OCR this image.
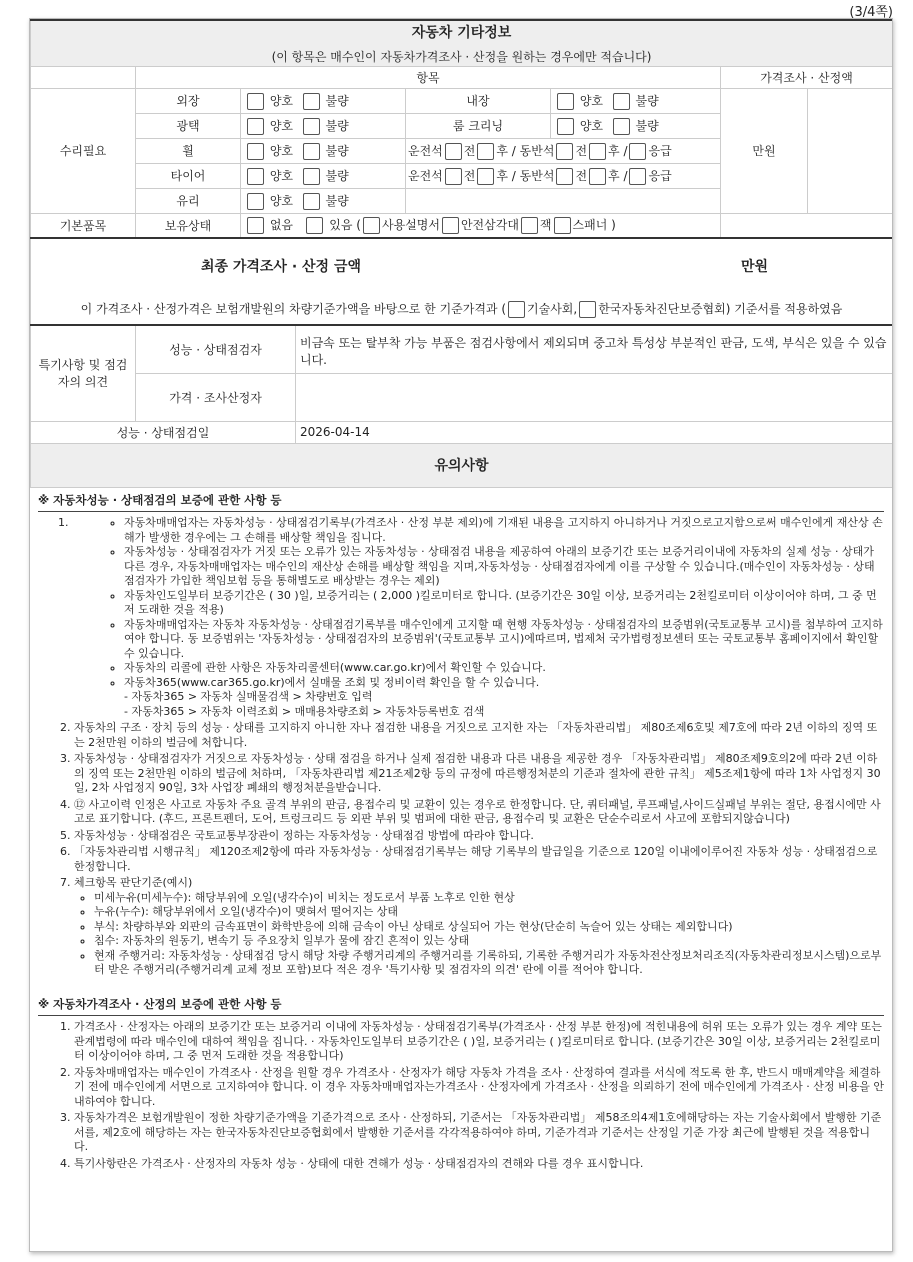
(3/4쪽)
자동차 기타정보
(이 항목은 매수인이 자동차가격조사 · 산정을 원하는 경우에만 적습니다)							

	항목					가격조사 · 산정액	
수리필요	외장	양호 불량		내장	양호 불량	만원	
	광택	양호 불량		룸 크리닝	양호 불량		
	휠	양호 불량		운전석 전 후 / 동반석 전 후 / 응급			
	타이어	양호 불량		운전석 전 후 / 동반석 전 후 / 응급			
	유리	양호 불량					
기본품목	보유상태	없음 있음 ( 사용설명서 안전삼각대 잭 스패너 )					

최종 가격조사 · 산정 금액 만원							

이 가격조사 · 산정가격은 보험개발원의 차량기준가액을 바탕으로 한 기준가격과 ( 기술사회, 한국자동차진단보증협회) 기준서를 적용하였음							
특기사항 및 점검자의 의견	성능 · 상태점검자		비금속 또는 탈부착 가능 부품은 점검사항에서 제외되며 중고차 특성상 부분적인 판금, 도색, 부식은 있을 수 있습니다.				
	가격 · 조사산정자						
성능 · 상태점검일			2026-04-14				
유의사항							
※ 자동차성능 · 상태점검의 보증에 관한 사항 등
1.	◦ 자동차매매업자는 자동차성능 · 상태점검기록부(가격조사 · 산정 부분 제외)에 기재된 내용을 고지하지 아니하거나 거짓으로고지함으로써 매수인에게 재산상 손해가 발생한 경우에는 그 손해를 배상할 책임을 집니다.
◦ 자동차성능 · 상태점검자가 거짓 또는 오류가 있는 자동차성능 · 상태점검 내용을 제공하여 아래의 보증기간 또는 보증거리이내에 자동차의 실제 성능 · 상태가 다른 경우, 자동차매매업자는 매수인의 재산상 손해를 배상할 책임을 지며,자동차성능 · 상태점검자에게 이를 구상할 수 있습니다.(매수인이 자동차성능 · 상태점검자가 가입한 책임보험 등을 통해별도로 배상받는 경우는 제외)
◦ 자동차인도일부터 보증기간은 ( 30 )일, 보증거리는 ( 2,000 )킬로미터로 합니다. (보증기간은 30일 이상, 보증거리는 2천킬로미터 이상이어야 하며, 그 중 먼저 도래한 것을 적용)
◦ 자동차매매업자는 자동차 자동차성능 · 상태점검기록부를 매수인에게 고지할 때 현행 자동차성능 · 상태점검자의 보증범위(국토교통부 고시)를 첨부하여 고지하여야 합니다. 동 보증범위는 '자동차성능 · 상태점검자의 보증범위'(국토교통부 고시)에따르며, 법제처 국가법령정보센터 또는 국토교통부 홈페이지에서 확인할 수 있습니다.
◦ 자동차의 리콜에 관한 사항은 자동차리콜센터(www.car.go.kr)에서 확인할 수 있습니다.
◦ 자동차365(www.car365.go.kr)에서 실매물 조회 및 정비이력 확인을 할 수 있습니다.
- 자동차365 > 자동차 실매물검색 > 차량번호 입력
- 자동차365 > 자동차 이력조회 > 매매용차량조회 > 자동차등록번호 검색
2. 자동차의 구조 · 장치 등의 성능 · 상태를 고지하지 아니한 자나 점검한 내용을 거짓으로 고지한 자는 「자동차관리법」 제80조제6호및 제7호에 따라 2년 이하의 징역 또는 2천만원 이하의 벌금에 처합니다.
3. 자동차성능 · 상태점검자가 거짓으로 자동차성능 · 상태 점검을 하거나 실제 점검한 내용과 다른 내용을 제공한 경우 「자동차관리법」 제80조제9호의2에 따라 2년 이하의 징역 또는 2천만원 이하의 벌금에 처하며, 「자동차관리법 제21조제2항 등의 규정에 따른행정처분의 기준과 절차에 관한 규칙」 제5조제1항에 따라 1차 사업정지 30일, 2차 사업정지 90일, 3차 사업장 폐쇄의 행정처분을받습니다.
4. ⑫ 사고이력 인정은 사고로 자동차 주요 골격 부위의 판금, 용접수리 및 교환이 있는 경우로 한정합니다. 단, 쿼터패널, 루프패널,사이드실패널 부위는 절단, 용접시에만 사고로 표기합니다. (후드, 프론트펜더, 도어, 트렁크리드 등 외판 부위 및 범퍼에 대한 판금, 용접수리 및 교환은 단순수리로서 사고에 포함되지않습니다)
5. 자동차성능 · 상태점검은 국토교통부장관이 정하는 자동차성능 · 상태점검 방법에 따라야 합니다.
6. 「자동차관리법 시행규칙」 제120조제2항에 따라 자동차성능 · 상태점검기록부는 해당 기록부의 발급일을 기준으로 120일 이내에이루어진 자동차 성능 · 상태점검으로 한정합니다.
7. 체크항목 판단기준(예시)
◦ 미세누유(미세누수): 해당부위에 오일(냉각수)이 비치는 정도로서 부품 노후로 인한 현상
◦ 누유(누수): 해당부위에서 오일(냉각수)이 맺혀서 떨어지는 상태
◦ 부식: 차량하부와 외판의 금속표면이 화학반응에 의해 금속이 아닌 상태로 상실되어 가는 현상(단순히 녹슬어 있는 상태는 제외합니다)
◦ 침수: 자동차의 원동기, 변속기 등 주요장치 일부가 물에 잠긴 흔적이 있는 상태
◦ 현재 주행거리: 자동차성능 · 상태점검 당시 해당 차량 주행거리계의 주행거리를 기록하되, 기록한 주행거리가 자동차전산정보처리조직(자동차관리정보시스템)으로부터 받은 주행거리(주행거리계 교체 정보 포함)보다 적은 경우 '특기사항 및 점검자의 의견' 란에 이를 적어야 합니다.
※ 자동차가격조사 · 산정의 보증에 관한 사항 등
1. 가격조사 · 산정자는 아래의 보증기간 또는 보증거리 이내에 자동차성능 · 상태점검기록부(가격조사 · 산정 부분 한정)에 적힌내용에 허위 또는 오류가 있는 경우 계약 또는 관계법령에 따라 매수인에 대하여 책임을 집니다. · 자동차인도일부터 보증기간은 ( )일, 보증거리는 ( )킬로미터로 합니다. (보증기간은 30일 이상, 보증거리는 2천킬로미터 이상이어야 하며, 그 중 먼저 도래한 것을 적용합니다)
2. 자동차매매업자는 매수인이 가격조사 · 산정을 원할 경우 가격조사 · 산정자가 해당 자동차 가격을 조사 · 산정하여 결과를 서식에 적도록 한 후, 반드시 매매계약을 체결하기 전에 매수인에게 서면으로 고지하여야 합니다. 이 경우 자동차매매업자는가격조사 · 산정자에게 가격조사 · 산정을 의뢰하기 전에 매수인에게 가격조사 · 산정 비용을 안내하여야 합니다.
3. 자동차가격은 보험개발원이 정한 차량기준가액을 기준가격으로 조사 · 산정하되, 기준서는 「자동차관리법」 제58조의4제1호에해당하는 자는 기술사회에서 발행한 기준서를, 제2호에 해당하는 자는 한국자동차진단보증협회에서 발행한 기준서를 각각적용하여야 하며, 기준가격과 기준서는 산정일 기준 가장 최근에 발행된 것을 적용합니다.
4. 특기사항란은 가격조사 · 산정자의 자동차 성능 · 상태에 대한 견해가 성능 · 상태점검자의 견해와 다를 경우 표시합니다.
